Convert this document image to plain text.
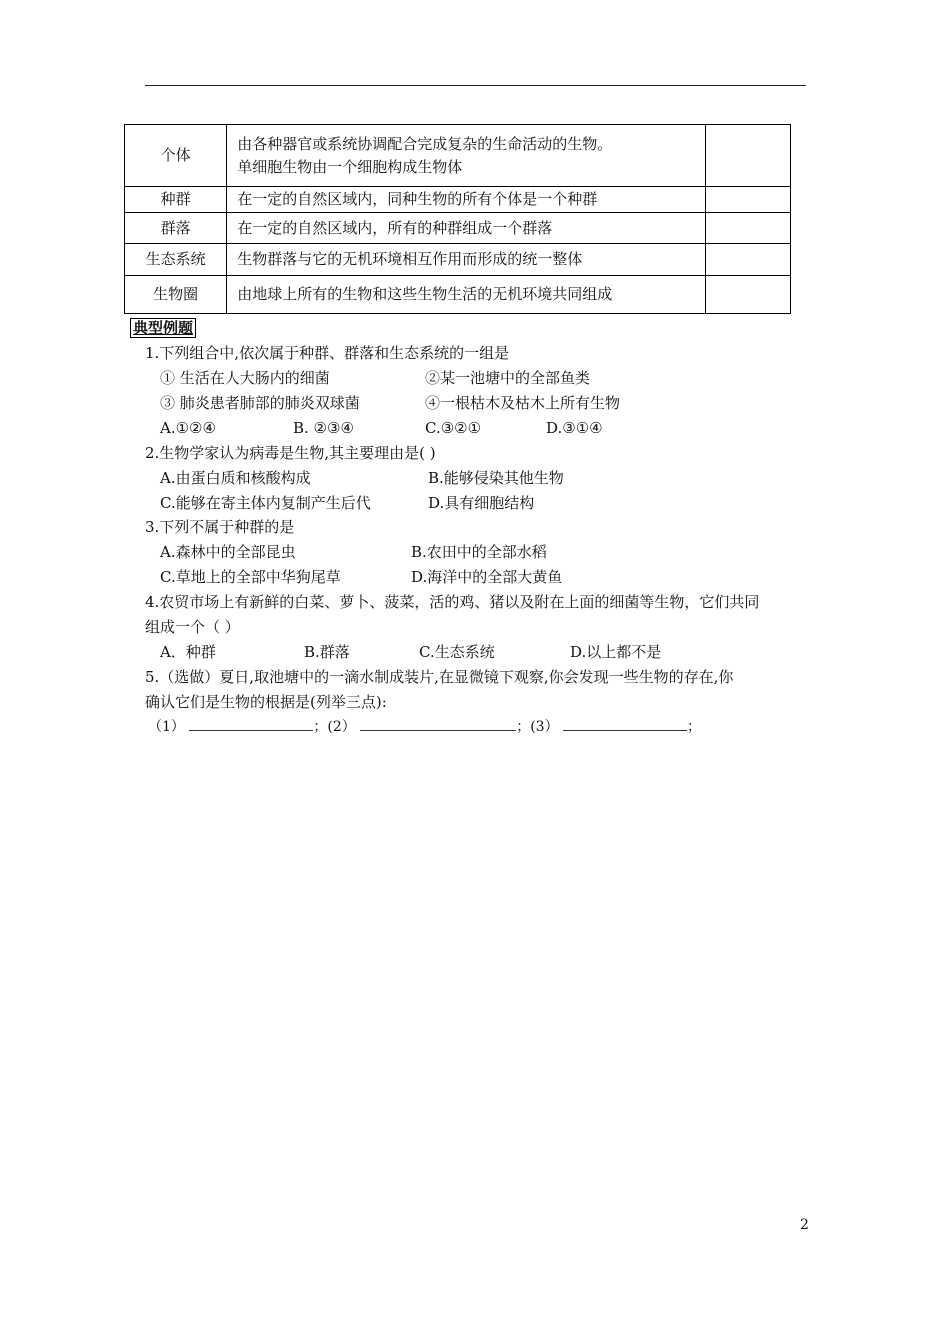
个体	由各种器官或系统协调配合完成复杂的生命活动的生物。
单细胞生物由一个细胞构成生物体	

种群	在一定的自然区域内，同种生物的所有个体是一个种群	
群落	在一定的自然区域内，所有的种群组成一个群落	
生态系统	生物群落与它的无机环境相互作用而形成的统一整体	
生物圈	由地球上所有的生物和这些生物生活的无机环境共同组成	
典型例题
1.下列组合中,依次属于种群、群落和生态系统的一组是
① 生活在人大肠内的细菌	②某一池塘中的全部鱼类
③ 肺炎患者肺部的肺炎双球菌	④一根枯木及枯木上所有生物
A.①②④	B. ②③④	C.③②①	D.③①④
2.生物学家认为病毒是生物,其主要理由是( )
A.由蛋白质和核酸构成	B.能够侵染其他生物
C.能够在寄主体内复制产生后代	D.具有细胞结构
3.下列不属于种群的是
A.森林中的全部昆虫	B.农田中的全部水稻
C.草地上的全部中华狗尾草	D.海洋中的全部大黄鱼
4.农贸市场上有新鲜的白菜、萝卜、菠菜，活的鸡、猪以及附在上面的细菌等生物，它们共同
组成一个（ ）
A．种群	B.群落	C.生态系统	D.以上都不是
5.（选做）夏日,取池塘中的一滴水制成装片,在显微镜下观察,你会发现一些生物的存在,你
确认它们是生物的根据是(列举三点):
（1）	；(2）	；(3）	；
2
